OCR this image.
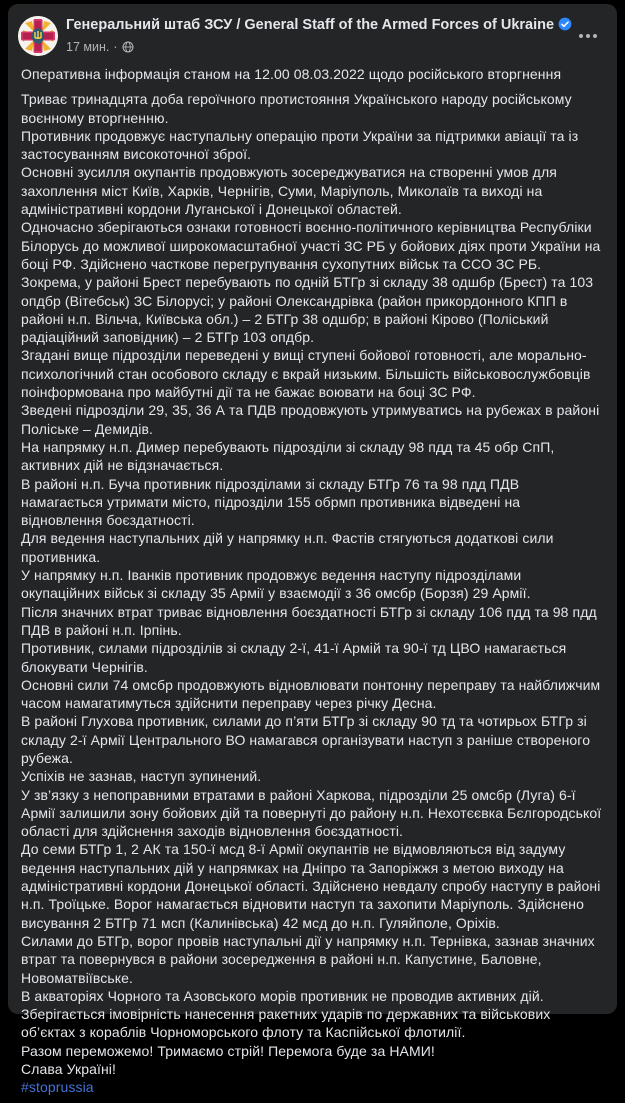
Генеральний штаб ЗСУ / General Staff of the Armed Forces of Ukraine
17 мин. ·
Оперативна інформація станом на 12.00 08.03.2022 щодо російського вторгнення
Триває тринадцята доба героїчного протистояння Українського народу російському воєнному вторгненню.
Противник продовжує наступальну операцію проти України за підтримки авіації та із застосуванням високоточної зброї.
Основні зусилля окупантів продовжують зосереджуватися на створенні умов для захоплення міст Київ, Харків, Чернігів, Суми, Маріуполь, Миколаїв та виході на адміністративні кордони Луганської і Донецької областей.
Одночасно зберігаються ознаки готовності воєнно-політичного керівництва Республіки Білорусь до можливої широкомасштабної участі ЗС РБ у бойових діях проти України на боці РФ. Здійснено часткове перегрупування сухопутних військ та ССО ЗС РБ. Зокрема, у районі Брест перебувають по одній БТГр зі складу 38 одшбр (Брест) та 103 опдбр (Вітебськ) ЗС Білорусі; у районі Олександрівка (район прикордонного КПП в районі н.п. Вільча, Київська обл.) – 2 БТГр 38 одшбр; в районі Кірово (Поліський радіаційний заповідник) – 2 БТГр 103 опдбр.
Згадані вище підрозділи переведені у вищі ступені бойової готовності, але морально-психологічний стан особового складу є вкрай низьким. Більшість військовослужбовців поінформована про майбутні дії та не бажає воювати на боці ЗС РФ.
Зведені підрозділи 29, 35, 36 А та ПДВ продовжують утримуватись на рубежах в районі Поліське – Демидів.
На напрямку н.п. Димер перебувають підрозділи зі складу 98 пдд та 45 обр СпП, активних дій не відзначається.
В районі н.п. Буча противник підрозділами зі складу БТГр 76 та 98 пдд ПДВ намагається утримати місто, підрозділи 155 обрмп противника відведені на відновлення боєздатності.
Для ведення наступальних дій у напрямку н.п. Фастів стягуються додаткові сили противника.
У напрямку н.п. Іванків противник продовжує ведення наступу підрозділами окупаційних військ зі складу 35 Армії у взаємодії з 36 омсбр (Борзя) 29 Армії.
Після значних втрат триває відновлення боєздатності БТГр зі складу 106 пдд та 98 пдд ПДВ в районі н.п. Ірпінь.
Противник, силами підрозділів зі складу 2-ї, 41-ї Армій та 90-ї тд ЦВО намагається блокувати Чернігів.
Основні сили 74 омсбр продовжують відновлювати понтонну переправу та найближчим часом намагатимуться здійснити переправу через річку Десна.
В районі Глухова противник, силами до п’яти БТГр зі складу 90 тд та чотирьох БТГр зі складу 2-ї Армії Центрального ВО намагався організувати наступ з раніше створеного рубежа.
Успіхів не зазнав, наступ зупинений.
У зв’язку з непоправними втратами в районі Харкова, підрозділи 25 омсбр (Луга) 6-ї Армії залишили зону бойових дій та повернуті до району н.п. Нехотєєвка Бєлгородської області для здійснення заходів відновлення боєздатності.
До семи БТГр 1, 2 АК та 150-ї мсд 8-ї Армії окупантів не відмовляються від задуму ведення наступальних дій у напрямках на Дніпро та Запоріжжя з метою виходу на адміністративні кордони Донецької області. Здійснено невдалу спробу наступу в районі н.п. Троїцьке. Ворог намагається відновити наступ та захопити Маріуполь. Здійснено висування 2 БТГр 71 мсп (Калинівська) 42 мсд до н.п. Гуляйполе, Оріхів.
Силами до БТГр, ворог провів наступальні дії у напрямку н.п. Тернівка, зазнав значних втрат та повернувся в райони зосередження в районі н.п. Капустине, Баловне, Новоматвіївське.
В акваторіях Чорного та Азовського морів противник не проводив активних дій. Зберігається імовірність нанесення ракетних ударів по державних та військових об’єктах з кораблів Чорноморського флоту та Каспійської флотилії.
Разом переможемо! Тримаємо стрій! Перемога буде за НАМИ!
Слава Україні!
#stoprussia
